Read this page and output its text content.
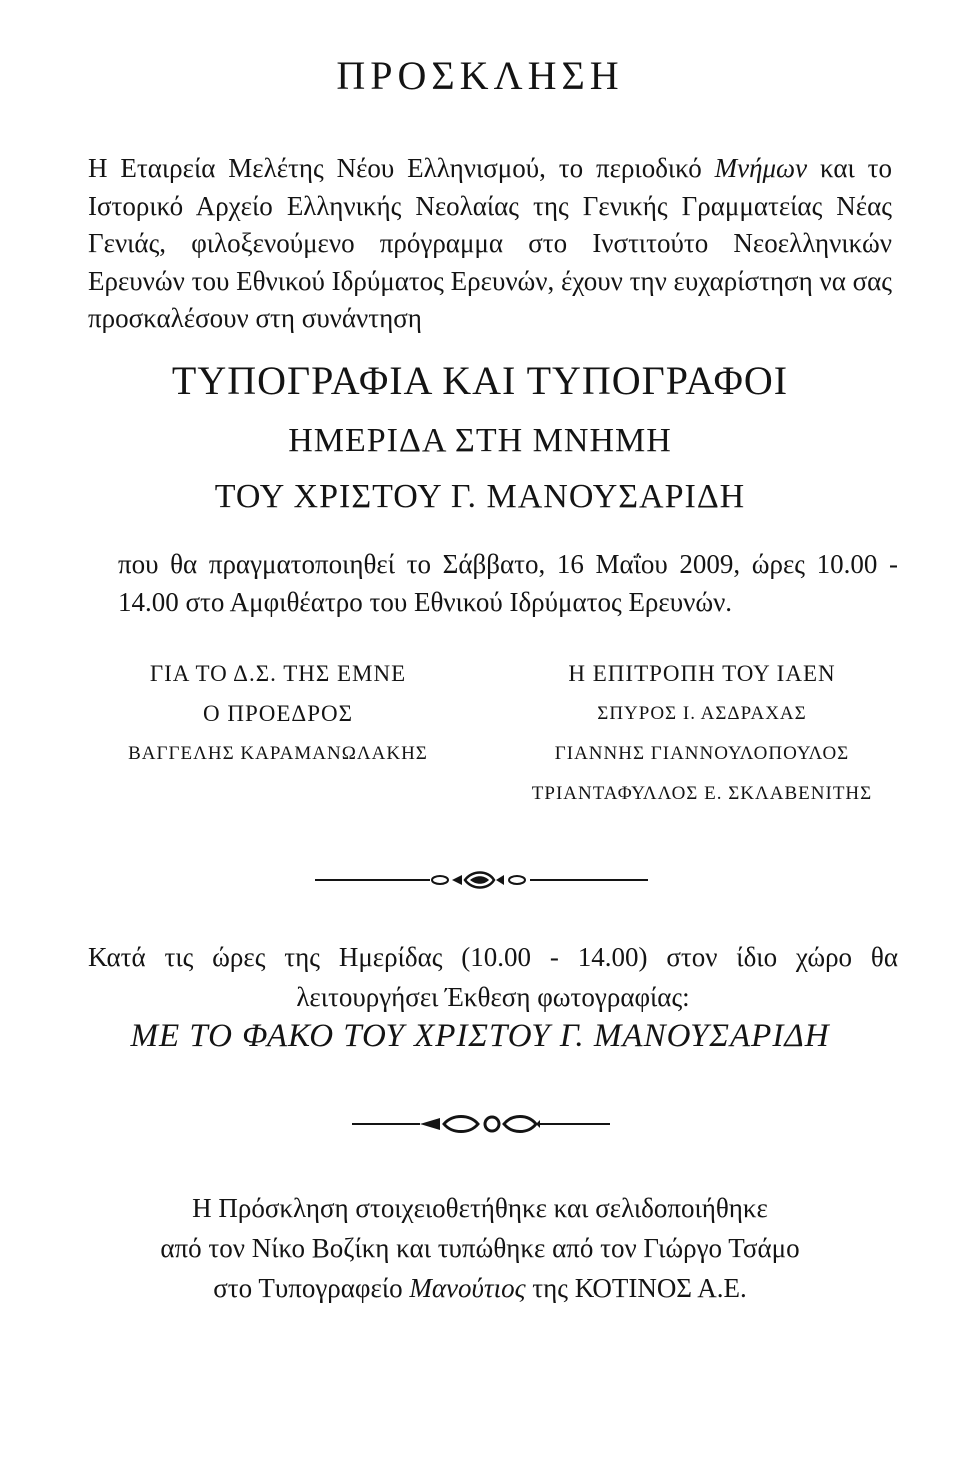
ΠΡΟΣΚΛΗΣΗ

Η Εταιρεία Μελέτης Νέου Ελληνισμού, το περιοδικό Μνήμων και το Ιστορικό Αρχείο Ελληνικής Νεολαίας της Γενικής Γραμματείας Νέας Γενιάς, φιλοξενούμενο πρόγραμμα στο Ινστιτούτο Νεοελληνικών Ερευνών του Εθνικού Ιδρύματος Ερευνών, έχουν την ευχαρίστηση να σας προσκαλέσουν στη συνάντηση

ΤΥΠΟΓΡΑΦΙΑ ΚΑΙ ΤΥΠΟΓΡΑΦΟΙ
ΗΜΕΡΙΔΑ ΣΤΗ ΜΝΗΜΗ
ΤΟΥ ΧΡΙΣΤΟΥ Γ. ΜΑΝΟΥΣΑΡΙΔΗ

που θα πραγματοποιηθεί το Σάββατο, 16 Μαΐου 2009, ώρες 10.00 - 14.00 στο Αμφιθέατρο του Εθνικού Ιδρύματος Ερευνών.

ΓΙΑ ΤΟ Δ.Σ. ΤΗΣ ΕΜΝΕ
Ο ΠΡΟΕΔΡΟΣ
ΒΑΓΓΕΛΗΣ ΚΑΡΑΜΑΝΩΛΑΚΗΣ
Η ΕΠΙΤΡΟΠΗ ΤΟΥ ΙΑΕΝ
ΣΠΥΡΟΣ Ι. ΑΣΔΡΑΧΑΣ
ΓΙΑΝΝΗΣ ΓΙΑΝΝΟΥΛΟΠΟΥΛΟΣ
ΤΡΙΑΝΤΑΦΥΛΛΟΣ Ε. ΣΚΛΑΒΕΝΙΤΗΣ

Κατά τις ώρες της Ημερίδας (10.00 - 14.00) στον ίδιο χώρο θα
λειτουργήσει Έκθεση φωτογραφίας:

ΜΕ ΤΟ ΦΑΚΟ ΤΟΥ ΧΡΙΣΤΟΥ Γ. ΜΑΝΟΥΣΑΡΙΔΗ

Η Πρόσκληση στοιχειοθετήθηκε και σελιδοποιήθηκε
από τον Νίκο Βοζίκη και τυπώθηκε από τον Γιώργο Τσάμο
στο Τυπογραφείο Μανούτιος της ΚΟΤΙΝΟΣ Α.Ε.
